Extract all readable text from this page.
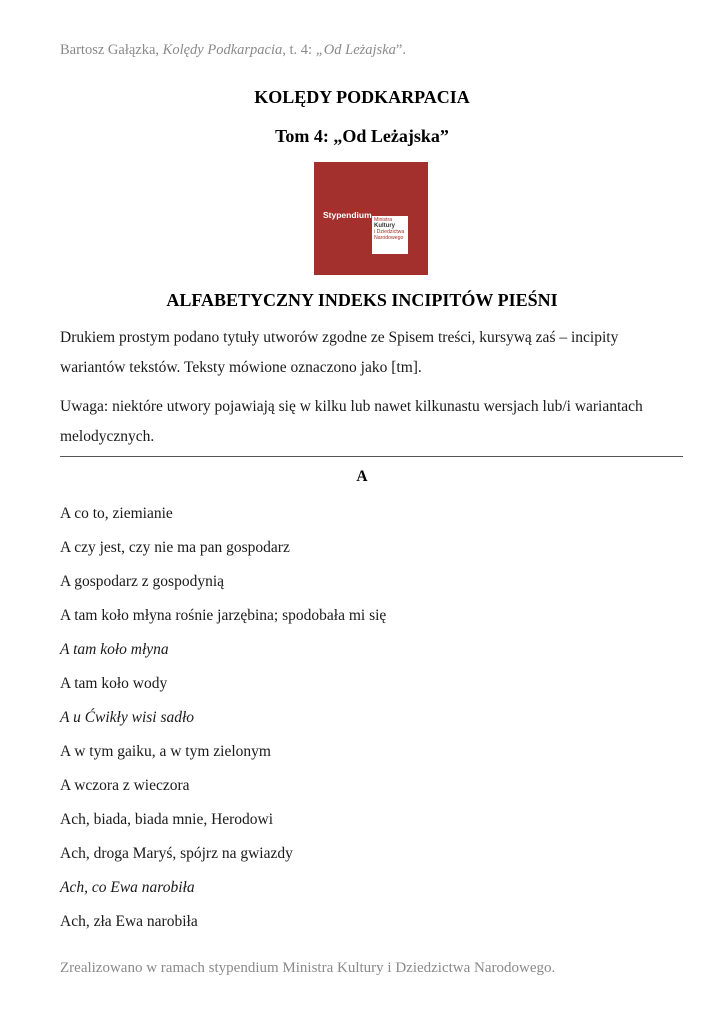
Bartosz Gałązka, Kolędy Podkarpacia, t. 4: „Od Leżajska”.
KOLĘDY PODKARPACIA
Tom 4: „Od Leżajska”
Stypendium Ministra
Kultury
i Dziedzictwa
Narodowego
ALFABETYCZNY INDEKS INCIPITÓW PIEŚNI
Drukiem prostym podano tytuły utworów zgodne ze Spisem treści, kursywą zaś – incipity wariantów tekstów. Teksty mówione oznaczono jako [tm].
Uwaga: niektóre utwory pojawiają się w kilku lub nawet kilkunastu wersjach lub/i wariantach melodycznych.
A
A co to, ziemianie
A czy jest, czy nie ma pan gospodarz
A gospodarz z gospodynią
A tam koło młyna rośnie jarzębina; spodobała mi się
A tam koło młyna
A tam koło wody
A u Ćwikły wisi sadło
A w tym gaiku, a w tym zielonym
A wczora z wieczora
Ach, biada, biada mnie, Herodowi
Ach, droga Maryś, spójrz na gwiazdy
Ach, co Ewa narobiła
Ach, zła Ewa narobiła
Zrealizowano w ramach stypendium Ministra Kultury i Dziedzictwa Narodowego.
